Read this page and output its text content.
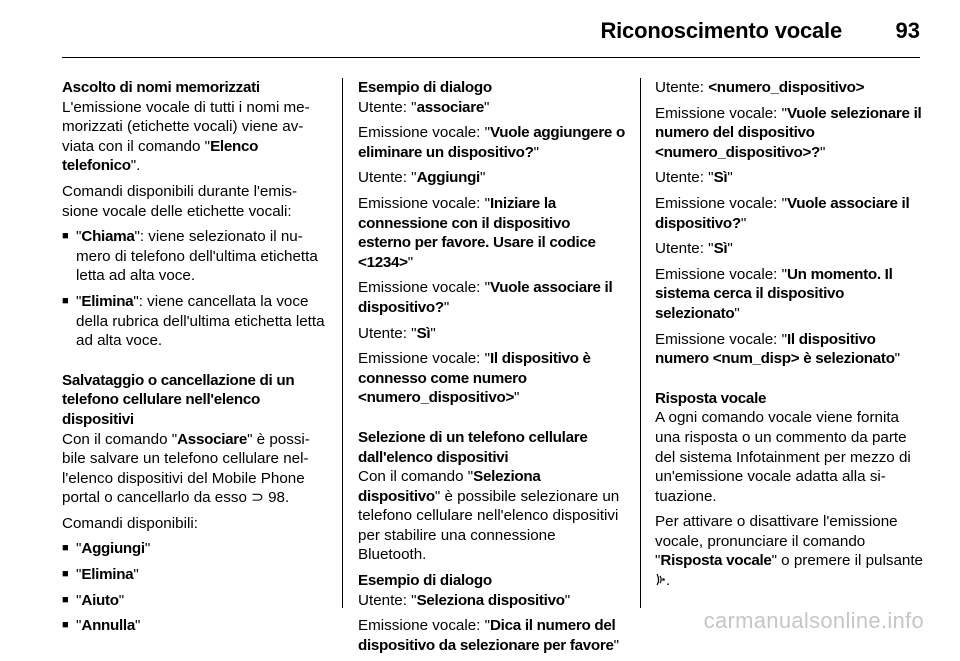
Riconoscimento vocale 93
Ascolto di nomi memorizzati

L'emissione vocale di tutti i nomi memorizzati (etichette vocali) viene avviata con il comando "Elenco telefonico".

Comandi disponibili durante l'emissione vocale delle etichette vocali:

■ "Chiama": viene selezionato il numero di telefono dell'ultima etichetta letta ad alta voce.
■ "Elimina": viene cancellata la voce della rubrica dell'ultima etichetta letta ad alta voce.
Salvataggio o cancellazione di un telefono cellulare nell'elenco dispositivi

Con il comando "Associare" è possibile salvare un telefono cellulare nell'elenco dispositivi del Mobile Phone portal o cancellarlo da esso ⊃ 98.

Comandi disponibili:

■ "Aggiungi"
■ "Elimina"
■ "Aiuto"
■ "Annulla"
Esempio di dialogo

Utente: "associare"

Emissione vocale: "Vuole aggiungere o eliminare un dispositivo?"

Utente: "Aggiungi"

Emissione vocale: "Iniziare la connessione con il dispositivo esterno per favore. Usare il codice <1234>"

Emissione vocale: "Vuole associare il dispositivo?"

Utente: "Sì"

Emissione vocale: "Il dispositivo è connesso come numero <numero_dispositivo>"

Selezione di un telefono cellulare dall'elenco dispositivi

Con il comando "Seleziona dispositivo" è possibile selezionare un telefono cellulare nell'elenco dispositivi per stabilire una connessione Bluetooth.

Esempio di dialogo

Utente: "Seleziona dispositivo"

Emissione vocale: "Dica il numero del dispositivo da selezionare per favore"

Utente: <numero_dispositivo>

Emissione vocale: "Vuole selezionare il numero del dispositivo <numero_dispositivo>?"

Utente: "Sì"

Emissione vocale: "Vuole associare il dispositivo?"

Utente: "Sì"

Emissione vocale: "Un momento. Il sistema cerca il dispositivo selezionato"

Emissione vocale: "Il dispositivo numero <num_disp> è selezionato"

Risposta vocale

A ogni comando vocale viene fornita una risposta o un commento da parte del sistema Infotainment per mezzo di un'emissione vocale adatta alla situazione.

Per attivare o disattivare l'emissione vocale, pronunciare il comando "Risposta vocale" o premere il pulsante .

carmanualsonline.info
